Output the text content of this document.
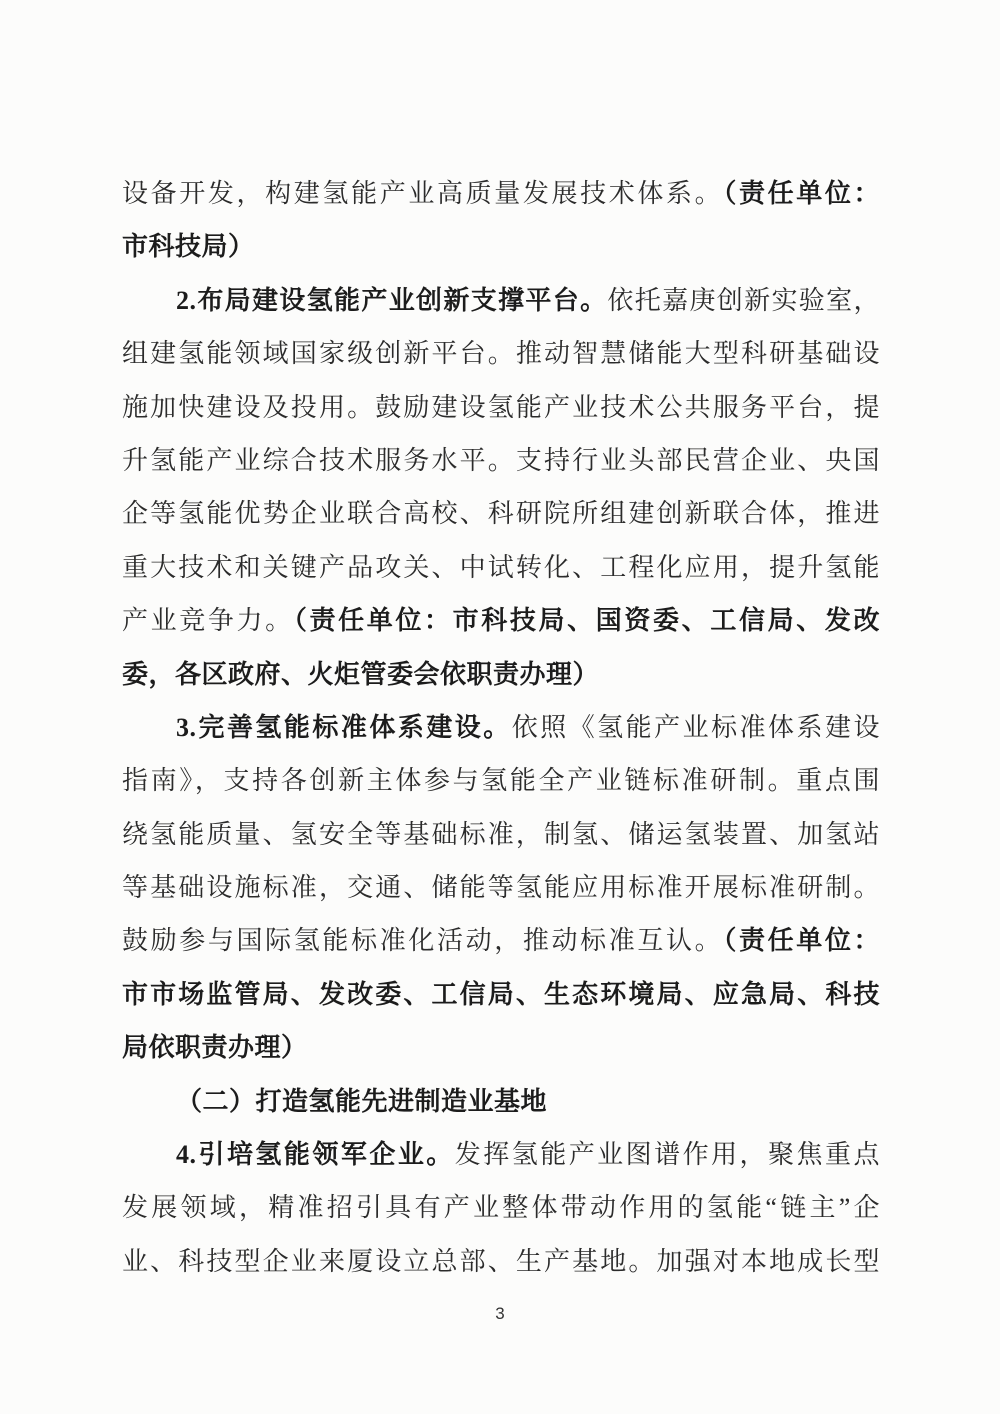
设备开发，构建氢能产业高质量发展技术体系。（责任单位：
市科技局）
2.布局建设氢能产业创新支撑平台。依托嘉庚创新实验室，
组建氢能领域国家级创新平台。推动智慧储能大型科研基础设
施加快建设及投用。鼓励建设氢能产业技术公共服务平台，提
升氢能产业综合技术服务水平。支持行业头部民营企业、央国
企等氢能优势企业联合高校、科研院所组建创新联合体，推进
重大技术和关键产品攻关、中试转化、工程化应用，提升氢能
产业竞争力。（责任单位：市科技局、国资委、工信局、发改
委，各区政府、火炬管委会依职责办理）
3.完善氢能标准体系建设。依照《氢能产业标准体系建设
指南》，支持各创新主体参与氢能全产业链标准研制。重点围
绕氢能质量、氢安全等基础标准，制氢、储运氢装置、加氢站
等基础设施标准，交通、储能等氢能应用标准开展标准研制。
鼓励参与国际氢能标准化活动，推动标准互认。（责任单位：
市市场监管局、发改委、工信局、生态环境局、应急局、科技
局依职责办理）
（二）打造氢能先进制造业基地
4.引培氢能领军企业。发挥氢能产业图谱作用，聚焦重点
发展领域，精准招引具有产业整体带动作用的氢能“链主”企
业、科技型企业来厦设立总部、生产基地。加强对本地成长型
3
